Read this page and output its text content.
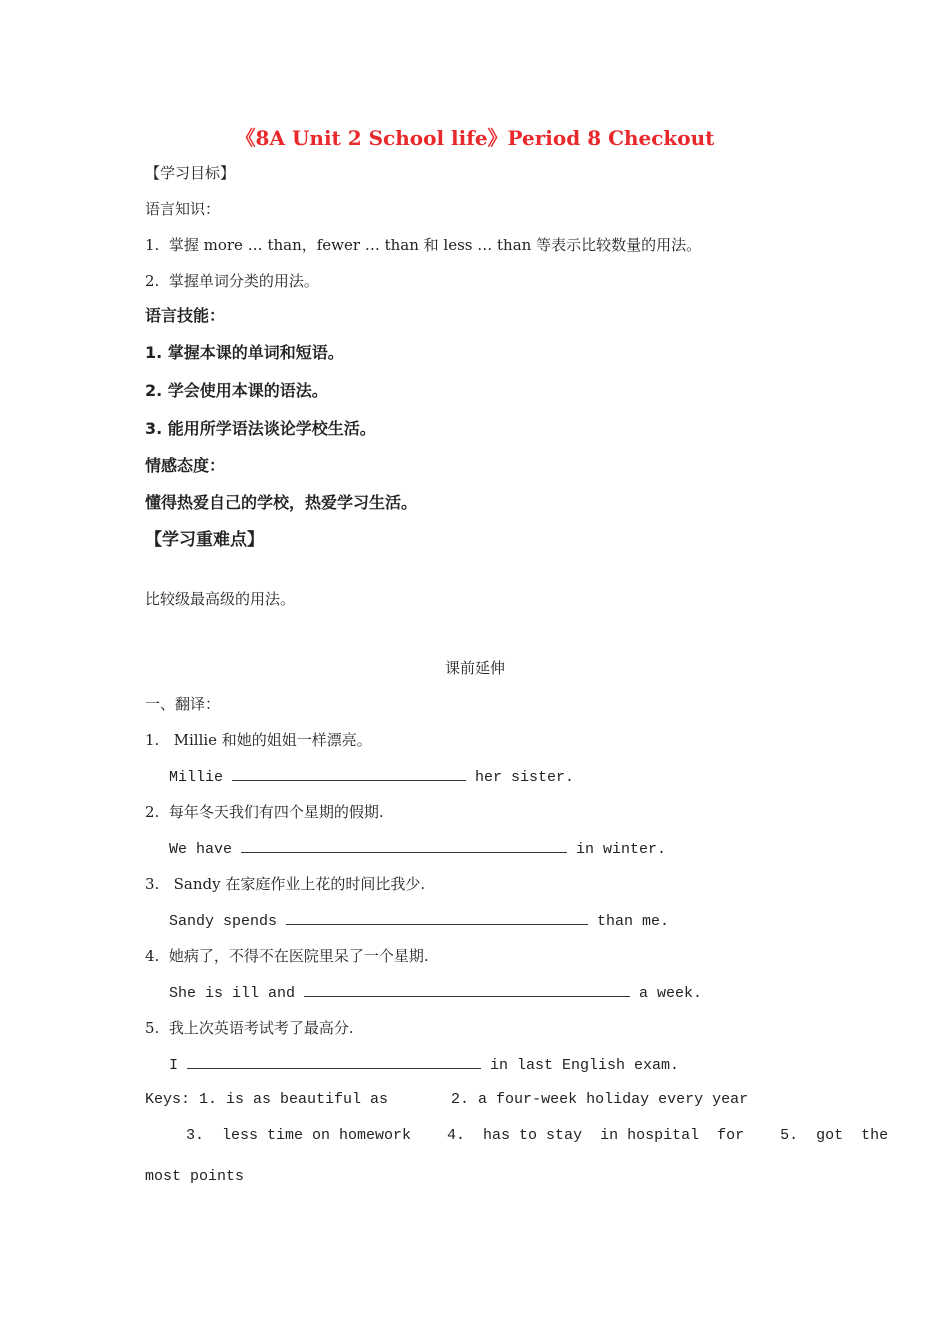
《8A Unit 2 School life》Period 8 Checkout
【学习目标】
语言知识：
1.  掌握 more … than，fewer … than 和 less … than 等表示比较数量的用法。
2.  掌握单词分类的用法。
语言技能：
1. 掌握本课的单词和短语。
2. 学会使用本课的语法。
3. 能用所学语法谈论学校生活。
情感态度：
懂得热爱自己的学校，热爱学习生活。
【学习重难点】
比较级最高级的用法。
课前延伸
一、翻译：
1.   Millie 和她的姐姐一样漂亮。
Millie	her sister.
2.  每年冬天我们有四个星期的假期.
We have	in winter.
3.   Sandy 在家庭作业上花的时间比我少.
Sandy spends	than me.
4.  她病了，不得不在医院里呆了一个星期.
She is ill and	a week.
5.  我上次英语考试考了最高分.
I	in last English exam.
Keys: 1. is as beautiful as       2. a four-week holiday every year
3.  less time on homework    4.  has to stay  in hospital  for    5.  got  the
most points
